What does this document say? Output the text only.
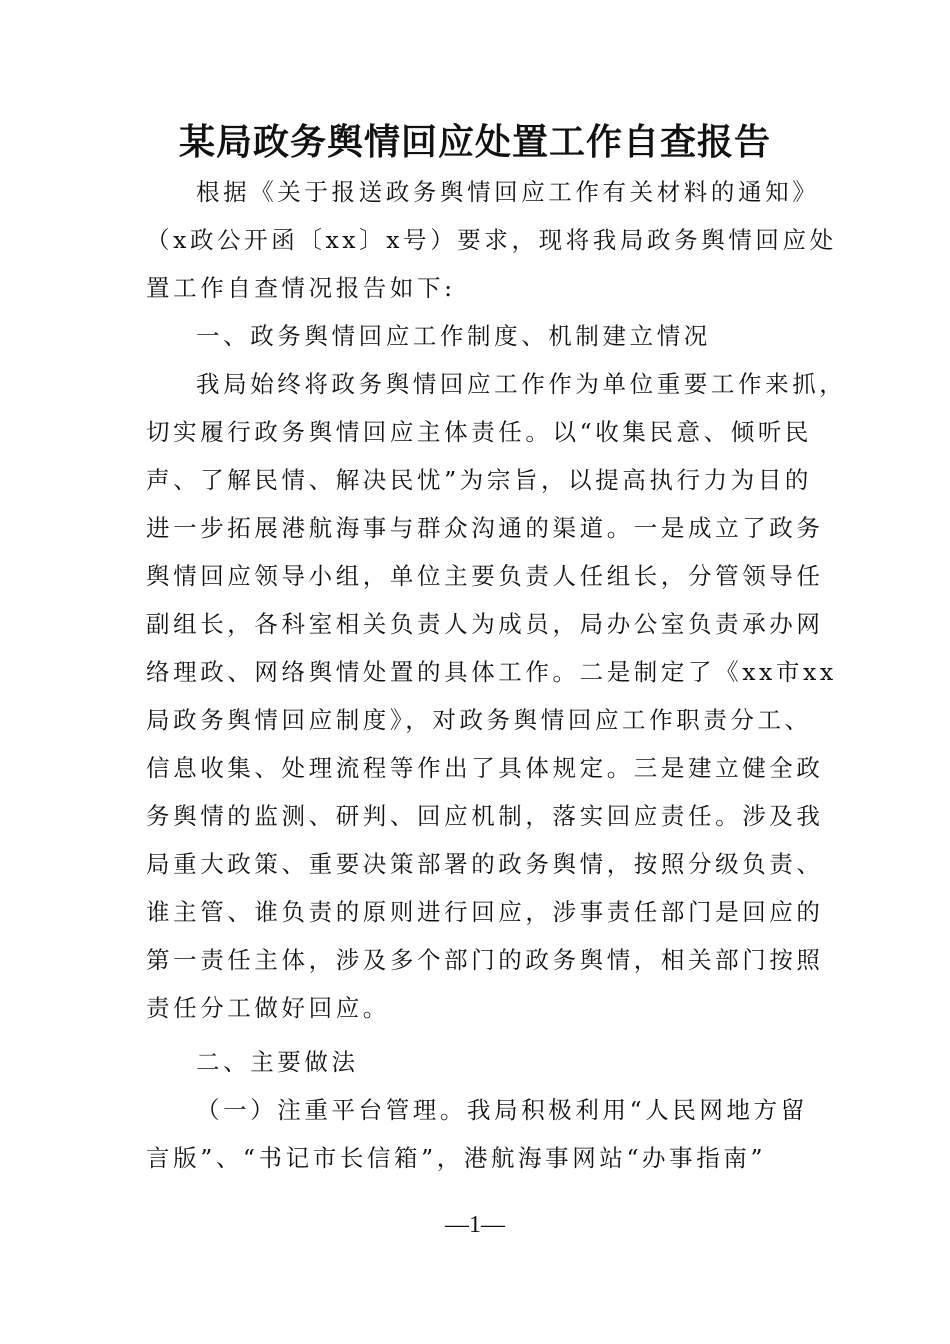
某局政务舆情回应处置工作自查报告
根据《关于报送政务舆情回应工作有关材料的通知》
（x政公开函〔xx〕x号）要求，现将我局政务舆情回应处
置工作自查情况报告如下:
一、政务舆情回应工作制度、机制建立情况
我局始终将政务舆情回应工作作为单位重要工作来抓，
切实履行政务舆情回应主体责任。以“收集民意、倾听民
声、了解民情、解决民忧”为宗旨，以提高执行力为目的
进一步拓展港航海事与群众沟通的渠道。一是成立了政务
舆情回应领导小组，单位主要负责人任组长，分管领导任
副组长，各科室相关负责人为成员，局办公室负责承办网
络理政、网络舆情处置的具体工作。二是制定了《xx市xx
局政务舆情回应制度》，对政务舆情回应工作职责分工、
信息收集、处理流程等作出了具体规定。三是建立健全政
务舆情的监测、研判、回应机制，落实回应责任。涉及我
局重大政策、重要决策部署的政务舆情，按照分级负责、
谁主管、谁负责的原则进行回应，涉事责任部门是回应的
第一责任主体，涉及多个部门的政务舆情，相关部门按照
责任分工做好回应。
二、主要做法
（一）注重平台管理。我局积极利用“人民网地方留
言版”、“书记市长信箱”，港航海事网站“办事指南”
—1—
